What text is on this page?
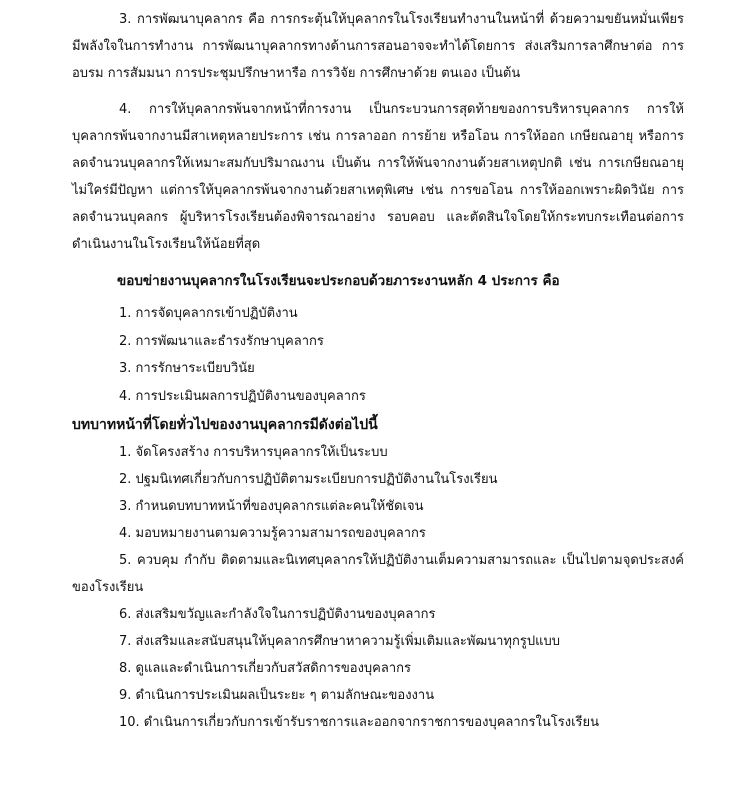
3. การพัฒนาบุคลากร คือ การกระตุ้นให้บุคลากรในโรงเรียนทำงานในหน้าที่ ด้วยความขยันหมั่นเพียรมีพลังใจในการทำงาน การพัฒนาบุคลากรทางด้านการสอนอาจจะทำได้โดยการ ส่งเสริมการลาศึกษาต่อ การอบรม การสัมมนา การประชุมปรึกษาหารือ การวิจัย การศึกษาด้วย ตนเอง เป็นต้น

4. การให้บุคลากรพ้นจากหน้าที่การงาน เป็นกระบวนการสุดท้ายของการบริหารบุคลากร การให้บุคลากรพ้นจากงานมีสาเหตุหลายประการ เช่น การลาออก การย้าย หรือโอน การให้ออก เกษียณอายุ หรือการลดจำนวนบุคลากรให้เหมาะสมกับปริมาณงาน เป็นต้น การให้พ้นจากงานด้วยสาเหตุปกติ เช่น การเกษียณอายุไม่ใคร่มีปัญหา แต่การให้บุคลากรพ้นจากงานด้วยสาเหตุพิเศษ เช่น การขอโอน การให้ออกเพราะผิดวินัย การลดจำนวนบุคลกร ผู้บริหารโรงเรียนต้องพิจารณาอย่าง รอบคอบ และตัดสินใจโดยให้กระทบกระเทือนต่อการดำเนินงานในโรงเรียนให้น้อยที่สุด

ขอบข่ายงานบุคลากรในโรงเรียนจะประกอบด้วยภาระงานหลัก 4 ประการ คือ
1. การจัดบุคลากรเข้าปฏิบัติงาน
2. การพัฒนาและธำรงรักษาบุคลากร
3. การรักษาระเบียบวินัย
4. การประเมินผลการปฏิบัติงานของบุคลากร
บทบาทหน้าที่โดยทั่วไปของงานบุคลากรมีดังต่อไปนี้
1. จัดโครงสร้าง การบริหารบุคลากรให้เป็นระบบ
2. ปฐมนิเทศเกี่ยวกับการปฏิบัติตามระเบียบการปฏิบัติงานในโรงเรียน
3. กำหนดบทบาทหน้าที่ของบุคลากรแต่ละคนให้ชัดเจน
4. มอบหมายงานตามความรู้ความสามารถของบุคลากร
5. ควบคุม กำกับ ติดตามและนิเทศบุคลากรให้ปฏิบัติงานเต็มความสามารถและ เป็นไปตามจุดประสงค์ของโรงเรียน
6. ส่งเสริมขวัญและกำลังใจในการปฏิบัติงานของบุคลากร
7. ส่งเสริมและสนับสนุนให้บุคลากรศึกษาหาความรู้เพิ่มเติมและพัฒนาทุกรูปแบบ
8. ดูแลและดำเนินการเกี่ยวกับสวัสดิการของบุคลากร
9. ดำเนินการประเมินผลเป็นระยะ ๆ ตามลักษณะของงาน
10. ดำเนินการเกี่ยวกับการเข้ารับราชการและออกจากราชการของบุคลากรในโรงเรียน
